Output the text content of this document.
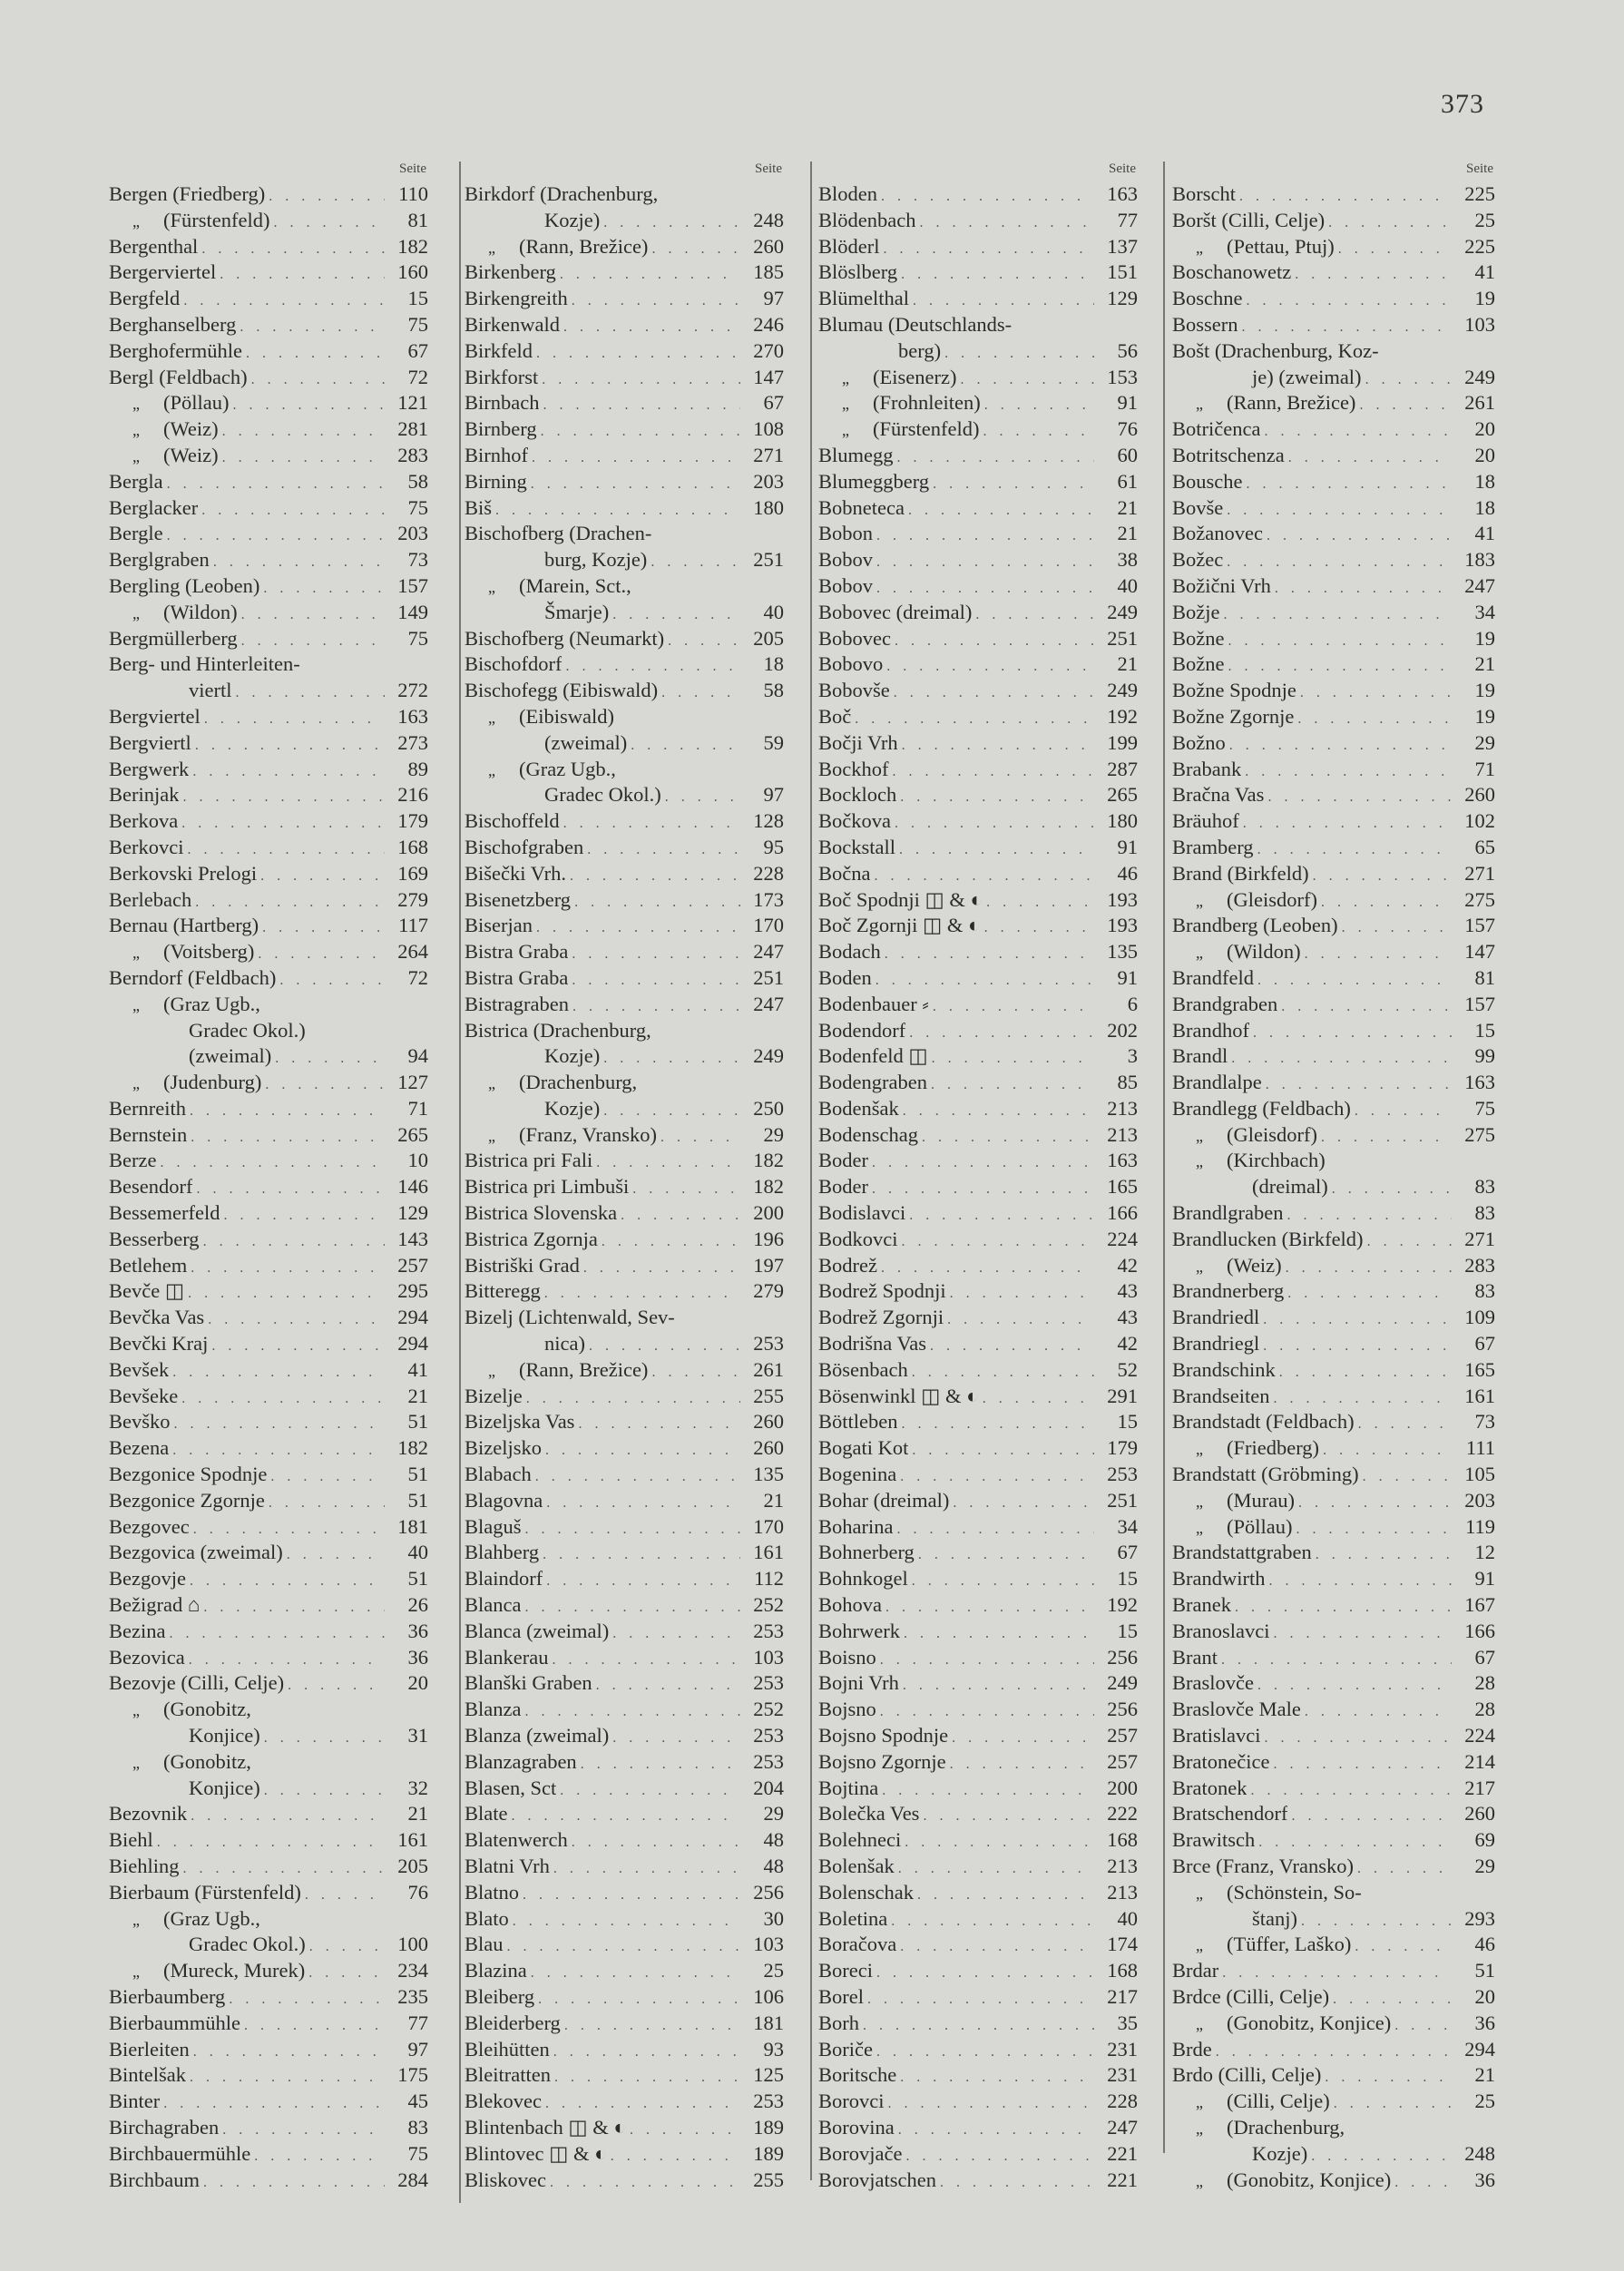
373
Seite
Bergen (Friedberg) . . .	110
„	(Fürstenfeld) . . .	81
Bergenthal . . .	182
Bergerviertel . . .	160
Bergfeld . . .	15
Berghanselberg . . .	75
Berghofermühle . . .	67
Bergl (Feldbach) . . .	72
„	(Pöllau) . . .	121
„	(Weiz) . . .	281
„	(Weiz) . . .	283
Bergla . . .	58
Berglacker . . .	75
Bergle . . .	203
Berglgraben . . .	73
Bergling (Leoben) . . .	157
„	(Wildon) . . .	149
Bergmüllerberg . . .	75
Berg- und Hinterleiten-
viertl . . .	272
Bergviertel . . .	163
Bergviertl . . .	273
Bergwerk . . .	89
Berinjak . . .	216
Berkova . . .	179
Berkovci . . .	168
Berkovski Prelogi . . .	169
Berlebach . . .	279
Bernau (Hartberg) . . .	117
„	(Voitsberg) . . .	264
Berndorf (Feldbach) . . .	72
„	(Graz Ugb.,
Gradec Okol.)
(zweimal) . . .	94
„	(Judenburg) . . .	127
Bernreith . . .	71
Bernstein . . .	265
Berze . . .	10
Besendorf . . .	146
Bessemerfeld . . .	129
Besserberg . . .	143
Betlehem . . .	257
Bevče ◫ . . .	295
Bevčka Vas . . .	294
Bevčki Kraj . . .	294
Bevšek . . .	41
Bevšeke . . .	21
Bevško . . .	51
Bezena . . .	182
Bezgonice Spodnje . . .	51
Bezgonice Zgornje . . .	51
Bezgovec . . .	181
Bezgovica (zweimal) . . .	40
Bezgovje . . .	51
Bežigrad ⌂ . . .	26
Bezina . . .	36
Bezovica . . .	36
Bezovje (Cilli, Celje) . . .	20
„	(Gonobitz,
Konjice) . . .	31
„	(Gonobitz,
Konjice) . . .	32
Bezovnik . . .	21
Biehl . . .	161
Biehling . . .	205
Bierbaum (Fürstenfeld) . . .	76
„	(Graz Ugb.,
Gradec Okol.) . . .	100
„	(Mureck, Murek) . . .	234
Bierbaumberg . . .	235
Bierbaummühle . . .	77
Bierleiten . . .	97
Bintelšak . . .	175
Binter . . .	45
Birchagraben . . .	83
Birchbauermühle . . .	75
Birchbaum . . .	284
Seite
Birkdorf (Drachenburg,
Kozje) . . .	248
„	(Rann, Brežice) . . .	260
Birkenberg . . .	185
Birkengreith . . .	97
Birkenwald . . .	246
Birkfeld . . .	270
Birkforst . . .	147
Birnbach . . .	67
Birnberg . . .	108
Birnhof . . .	271
Birning . . .	203
Biš . . .	180
Bischofberg (Drachen-
burg, Kozje) . . .	251
„	(Marein, Sct.,
Šmarje) . . .	40
Bischofberg (Neumarkt) . . .	205
Bischofdorf . . .	18
Bischofegg (Eibiswald) . . .	58
„	(Eibiswald)
(zweimal) . . .	59
„	(Graz Ugb.,
Gradec Okol.) . . .	97
Bischoffeld . . .	128
Bischofgraben . . .	95
Bišečki Vrh. . . .	228
Bisenetzberg . . .	173
Biserjan . . .	170
Bistra Graba . . .	247
Bistra Graba . . .	251
Bistragraben . . .	247
Bistrica (Drachenburg,
Kozje) . . .	249
„	(Drachenburg,
Kozje) . . .	250
„	(Franz, Vransko) . . .	29
Bistrica pri Fali . . .	182
Bistrica pri Limbuši . . .	182
Bistrica Slovenska . . .	200
Bistrica Zgornja . . .	196
Bistriški Grad . . .	197
Bitteregg . . .	279
Bizelj (Lichtenwald, Sev-
nica) . . .	253
„	(Rann, Brežice) . . .	261
Bizelje . . .	255
Bizeljska Vas . . .	260
Bizeljsko . . .	260
Blabach . . .	135
Blagovna . . .	21
Blaguš . . .	170
Blahberg . . .	161
Blaindorf . . .	112
Blanca . . .	252
Blanca (zweimal) . . .	253
Blankerau . . .	103
Blanški Graben . . .	253
Blanza . . .	252
Blanza (zweimal) . . .	253
Blanzagraben . . .	253
Blasen, Sct . . .	204
Blate . . .	29
Blatenwerch . . .	48
Blatni Vrh . . .	48
Blatno . . .	256
Blato . . .	30
Blau . . .	103
Blazina . . .	25
Bleiberg . . .	106
Bleiderberg . . .	181
Bleihütten . . .	93
Bleitratten . . .	125
Blekovec . . .	253
Blintenbach ◫ & ◐ . . .	189
Blintovec ◫ & ◐ . . .	189
Bliskovec . . .	255
Seite
Bloden . . .	163
Blödenbach . . .	77
Blöderl . . .	137
Blöslberg . . .	151
Blümelthal . . .	129
Blumau (Deutschlands-
berg) . . .	56
„	(Eisenerz) . . .	153
„	(Frohnleiten) . . .	91
„	(Fürstenfeld) . . .	76
Blumegg . . .	60
Blumeggberg . . .	61
Bobneteca . . .	21
Bobon . . .	21
Bobov . . .	38
Bobov . . .	40
Bobovec (dreimal) . . .	249
Bobovec . . .	251
Bobovo . . .	21
Bobovše . . .	249
Boč . . .	192
Bočji Vrh . . .	199
Bockhof . . .	287
Bockloch . . .	265
Bočkova . . .	180
Bockstall . . .	91
Bočna . . .	46
Boč Spodnji ◫ & ◐ . . .	193
Boč Zgornji ◫ & ◐ . . .	193
Bodach . . .	135
Boden . . .	91
Bodenbauer ⸗ . . .	6
Bodendorf . . .	202
Bodenfeld ◫ . . .	3
Bodengraben . . .	85
Bodenšak . . .	213
Bodenschag . . .	213
Boder . . .	163
Boder . . .	165
Bodislavci . . .	166
Bodkovci . . .	224
Bodrež . . .	42
Bodrež Spodnji . . .	43
Bodrež Zgornji . . .	43
Bodrišna Vas . . .	42
Bösenbach . . .	52
Bösenwinkl ◫ & ◐ . . .	291
Böttleben . . .	15
Bogati Kot . . .	179
Bogenina . . .	253
Bohar (dreimal) . . .	251
Boharina . . .	34
Bohnerberg . . .	67
Bohnkogel . . .	15
Bohova . . .	192
Bohrwerk . . .	15
Boisno . . .	256
Bojni Vrh . . .	249
Bojsno . . .	256
Bojsno Spodnje . . .	257
Bojsno Zgornje . . .	257
Bojtina . . .	200
Bolečka Ves . . .	222
Bolehneci . . .	168
Bolenšak . . .	213
Bolenschak . . .	213
Boletina . . .	40
Boračova . . .	174
Boreci . . .	168
Borel . . .	217
Borh . . .	35
Boriče . . .	231
Boritsche . . .	231
Borovci . . .	228
Borovina . . .	247
Borovjače . . .	221
Borovjatschen . . .	221
Seite
Borscht . . .	225
Boršt (Cilli, Celje) . . .	25
„	(Pettau, Ptuj) . . .	225
Boschanowetz . . .	41
Boschne . . .	19
Bossern . . .	103
Bošt (Drachenburg, Koz-
je) (zweimal) . . .	249
„	(Rann, Brežice) . . .	261
Botričenca . . .	20
Botritschenza . . .	20
Bousche . . .	18
Bovše . . .	18
Božanovec . . .	41
Božec . . .	183
Božični Vrh . . .	247
Božje . . .	34
Božne . . .	19
Božne . . .	21
Božne Spodnje . . .	19
Božne Zgornje . . .	19
Božno . . .	29
Brabank . . .	71
Bračna Vas . . .	260
Bräuhof . . .	102
Bramberg . . .	65
Brand (Birkfeld) . . .	271
„	(Gleisdorf) . . .	275
Brandberg (Leoben) . . .	157
„	(Wildon) . . .	147
Brandfeld . . .	81
Brandgraben . . .	157
Brandhof . . .	15
Brandl . . .	99
Brandlalpe . . .	163
Brandlegg (Feldbach) . . .	75
„	(Gleisdorf) . . .	275
„	(Kirchbach)
(dreimal) . . .	83
Brandlgraben . . .	83
Brandlucken (Birkfeld) . . .	271
„	(Weiz) . . .	283
Brandnerberg . . .	83
Brandriedl . . .	109
Brandriegl . . .	67
Brandschink . . .	165
Brandseiten . . .	161
Brandstadt (Feldbach) . . .	73
„	(Friedberg) . . .	111
Brandstatt (Gröbming) . . .	105
„	(Murau) . . .	203
„	(Pöllau) . . .	119
Brandstattgraben . . .	12
Brandwirth . . .	91
Branek . . .	167
Branoslavci . . .	166
Brant . . .	67
Braslovče . . .	28
Braslovče Male . . .	28
Bratislavci . . .	224
Bratonečice . . .	214
Bratonek . . .	217
Bratschendorf . . .	260
Brawitsch . . .	69
Brce (Franz, Vransko) . . .	29
„	(Schönstein, So-
štanj) . . .	293
„	(Tüffer, Laško) . . .	46
Brdar . . .	51
Brdce (Cilli, Celje) . . .	20
„	(Gonobitz, Konjice) . . .	36
Brde . . .	294
Brdo (Cilli, Celje) . . .	21
„	(Cilli, Celje) . . .	25
„	(Drachenburg,
Kozje) . . .	248
„	(Gonobitz, Konjice) . . .	36
